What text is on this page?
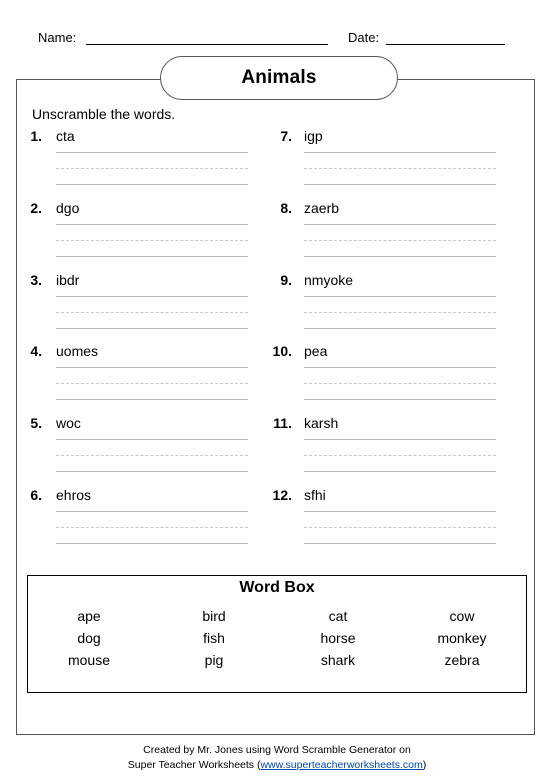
Name:	Date:
Animals
Unscramble the words.
1. cta
2. dgo
3. ibdr
4. uomes
5. woc
6. ehros
7. igp
8. zaerb
9. nmyoke
10. pea
11. karsh
12. sfhi
Word Box
ape	bird	cat	cow
dog	fish	horse	monkey
mouse	pig	shark	zebra
Created by Mr. Jones using Word Scramble Generator on
Super Teacher Worksheets (www.superteacherworksheets.com)
